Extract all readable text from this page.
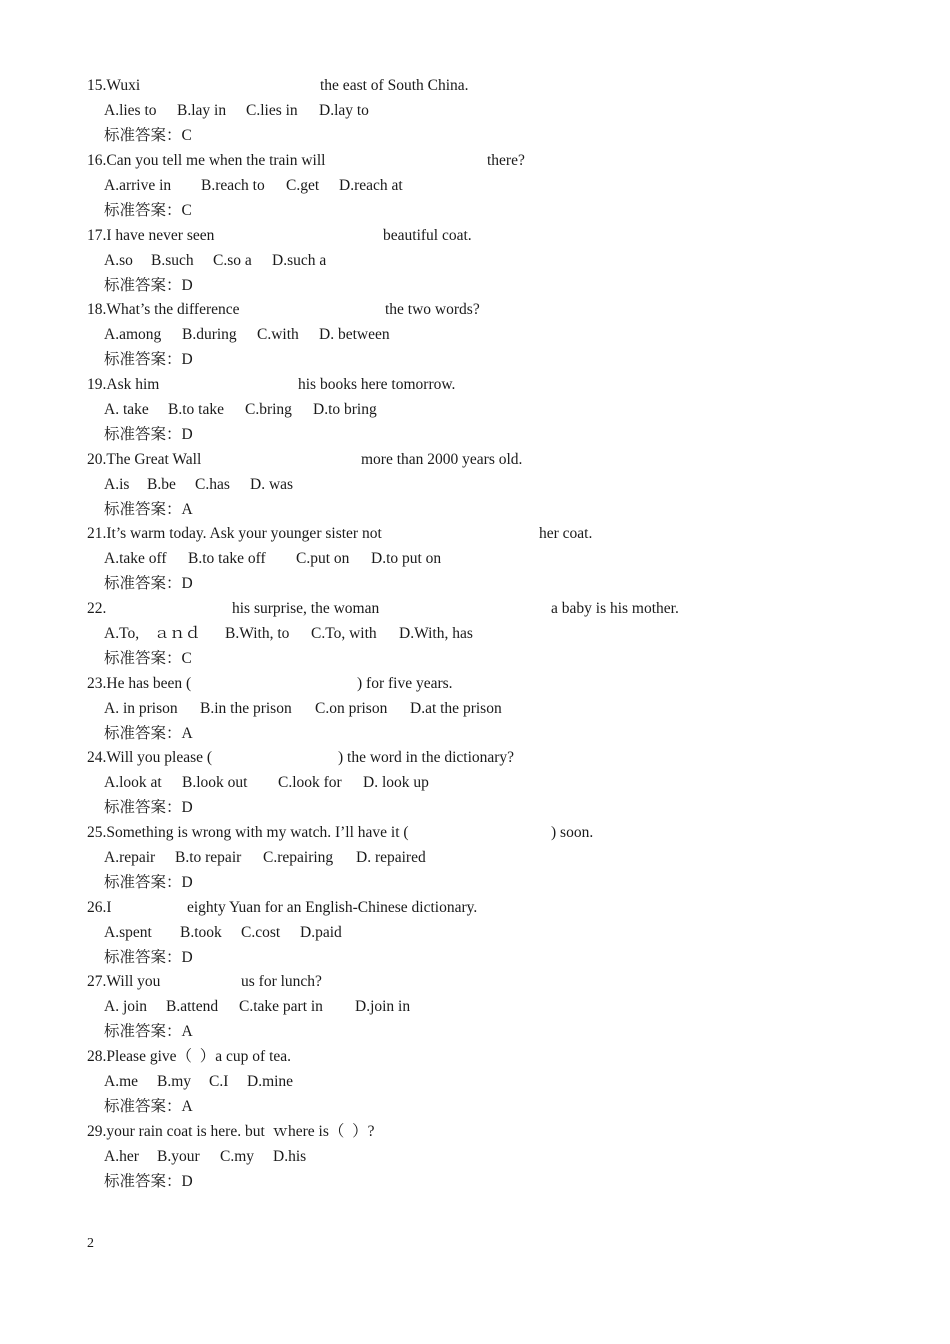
15.Wuxi	the east of South China.
A.lies to B.lay in C.lies in D.lay to
标准答案：C
16.Can you tell me when the train will	there?
A.arrive in B.reach to C.get D.reach at
标准答案：C
17.I have never seen	beautiful coat.
A.so B.such C.so a D.such a
标准答案：D
18.What’s the difference	the two words?
A.among B.during C.with D. between
标准答案：D
19.Ask him	his books here tomorrow.
A. take B.to take C.bring D.to bring
标准答案：D
20.The Great Wall	more than 2000 years old.
A.is B.be C.has D. was
标准答案：A
21.It’s warm today. Ask your younger sister not	her coat.
A.take off B.to take off C.put on D.to put on
标准答案：D
22.	his surprise, the woman	a baby is his mother.
A.To, ａｎｄ B.With, to C.To, with D.With, has
标准答案：C
23.He has been (	) for five years.
A. in prison B.in the prison C.on prison D.at the prison
标准答案：A
24.Will you please (	) the word in the dictionary?
A.look at B.look out C.look for D. look up
标准答案：D
25.Something is wrong with my watch. I’ll have it (	) soon.
A.repair B.to repair C.repairing D. repaired
标准答案：D
26.I	eighty Yuan for an English-Chinese dictionary.
A.spent B.took C.cost D.paid
标准答案：D
27.Will you	us for lunch?
A. join B.attend C.take part in D.join in
标准答案：A
28.Please give（  ）a cup of tea.
A.me B.my C.I D.mine
标准答案：A
29.your rain coat is here. but  ｗhere is（  ）?
A.her B.your C.my D.his
标准答案：D
2
